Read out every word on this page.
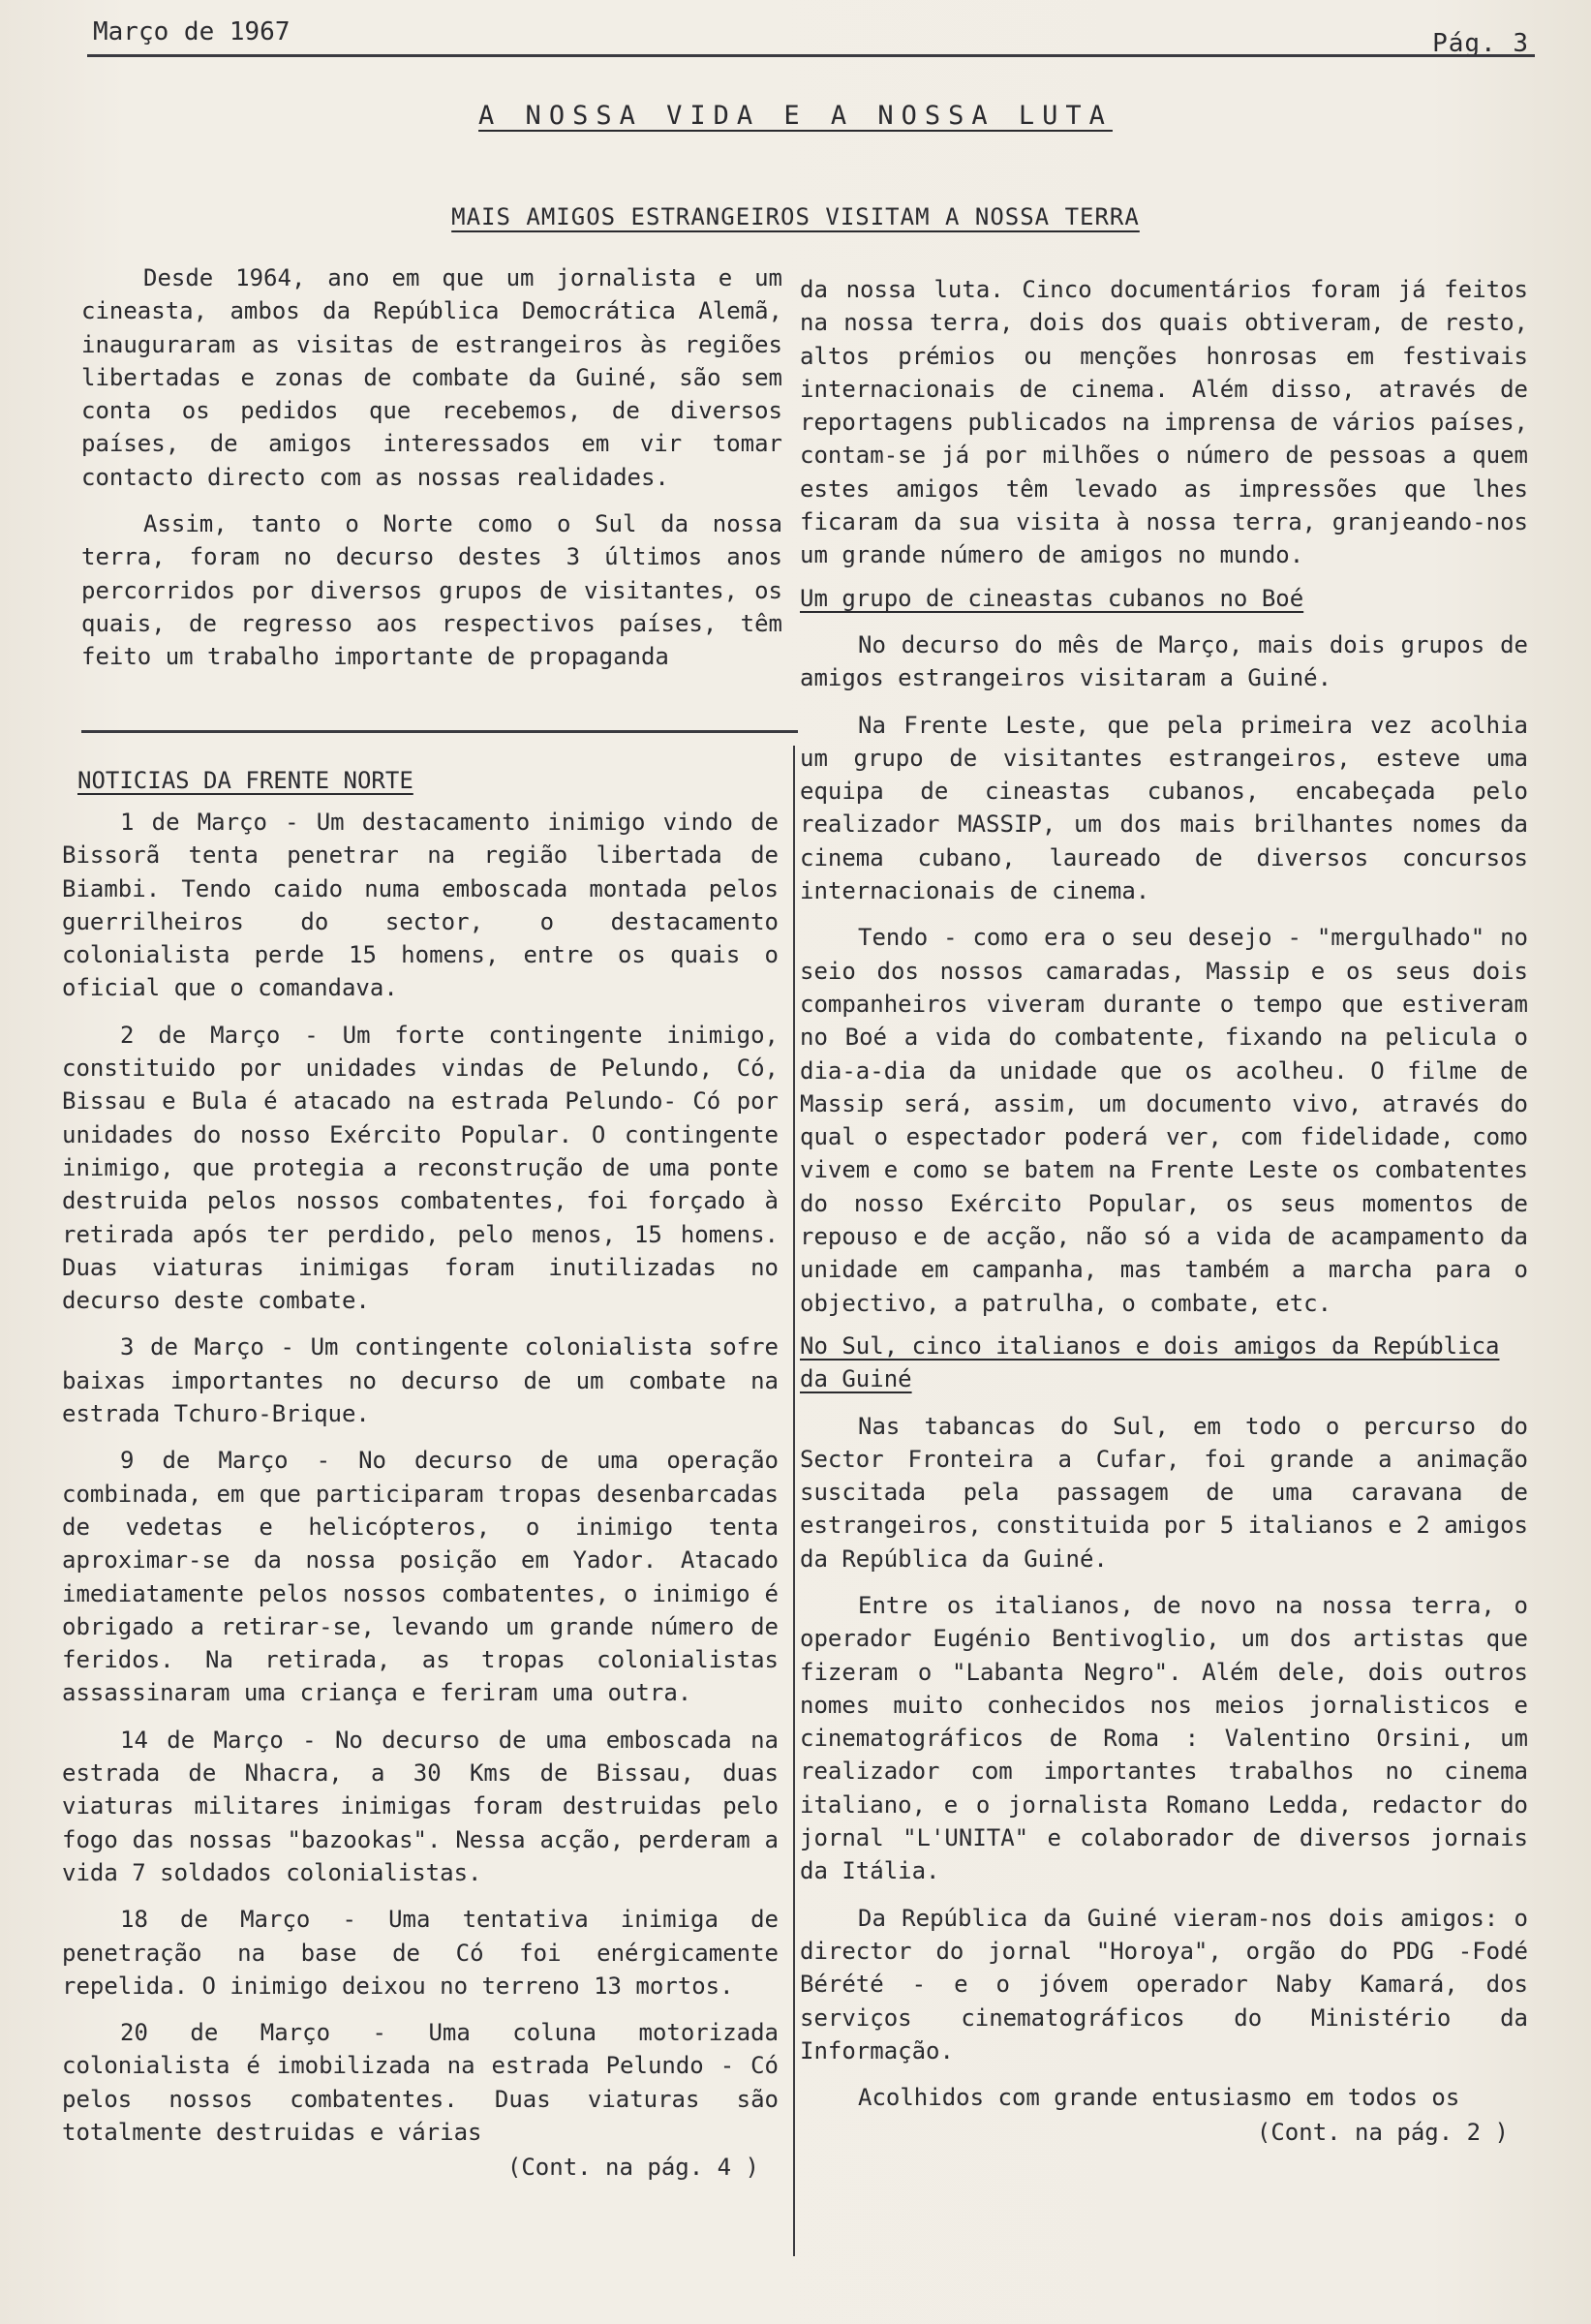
Março de 1967	Pág. 3
A NOSSA VIDA E A NOSSA LUTA
MAIS AMIGOS ESTRANGEIROS VISITAM A NOSSA TERRA

Desde 1964, ano em que um jornalista e um cineasta, ambos da República Democrática Alemã, inauguraram as visitas de estrangeiros às regiões libertadas e zonas de combate da Guiné, são sem conta os pedidos que recebemos, de diversos países, de amigos interessados em vir tomar contacto directo com as nossas realidades.

Assim, tanto o Norte como o Sul da nossa terra, foram no decurso destes 3 últimos anos percorridos por diversos grupos de visitantes, os quais, de regresso aos respectivos países, têm feito um trabalho importante de propaganda

NOTICIAS DA FRENTE NORTE

1 de Março - Um destacamento inimigo vindo de Bissorã tenta penetrar na região libertada de Biambi. Tendo caido numa emboscada montada pelos guerrilheiros do sector, o destacamento colonialista perde 15 homens, entre os quais o oficial que o comandava.

2 de Março - Um forte contingente inimigo, constituido por unidades vindas de Pelundo, Có, Bissau e Bula é atacado na estrada Pelundo- Có por unidades do nosso Exército Popular. O contingente inimigo, que protegia a reconstrução de uma ponte destruida pelos nossos combatentes, foi forçado à retirada após ter perdido, pelo menos, 15 homens. Duas viaturas inimigas foram inutilizadas no decurso deste combate.

3 de Março - Um contingente colonialista sofre baixas importantes no decurso de um combate na estrada Tchuro-Brique.

9 de Março - No decurso de uma operação combinada, em que participaram tropas desenbarcadas de vedetas e helicópteros, o inimigo tenta aproximar-se da nossa posição em Yador. Atacado imediatamente pelos nossos combatentes, o inimigo é obrigado a retirar-se, levando um grande número de feridos. Na retirada, as tropas colonialistas assassinaram uma criança e feriram uma outra.

14 de Março - No decurso de uma emboscada na estrada de Nhacra, a 30 Kms de Bissau, duas viaturas militares inimigas foram destruidas pelo fogo das nossas "bazookas". Nessa acção, perderam a vida 7 soldados colonialistas.

18 de Março - Uma tentativa inimiga de penetração na base de Có foi enérgicamente repelida. O inimigo deixou no terreno 13 mortos.

20 de Março - Uma coluna motorizada colonialista é imobilizada na estrada Pelundo - Có pelos nossos combatentes. Duas viaturas são totalmente destruidas e várias

(Cont. na pág. 4 )

da nossa luta. Cinco documentários foram já feitos na nossa terra, dois dos quais obtiveram, de resto, altos prémios ou menções honrosas em festivais internacionais de cinema. Além disso, através de reportagens publicados na imprensa de vários países, contam-se já por milhões o número de pessoas a quem estes amigos têm levado as impressões que lhes ficaram da sua visita à nossa terra, granjeando-nos um grande número de amigos no mundo.

Um grupo de cineastas cubanos no Boé

No decurso do mês de Março, mais dois grupos de amigos estrangeiros visitaram a Guiné.

Na Frente Leste, que pela primeira vez acolhia um grupo de visitantes estrangeiros, esteve uma equipa de cineastas cubanos, encabeçada pelo realizador MASSIP, um dos mais brilhantes nomes da cinema cubano, laureado de diversos concursos internacionais de cinema.

Tendo - como era o seu desejo - "mergulhado" no seio dos nossos camaradas, Massip e os seus dois companheiros viveram durante o tempo que estiveram no Boé a vida do combatente, fixando na pelicula o dia-a-dia da unidade que os acolheu. O filme de Massip será, assim, um documento vivo, através do qual o espectador poderá ver, com fidelidade, como vivem e como se batem na Frente Leste os combatentes do nosso Exército Popular, os seus momentos de repouso e de acção, não só a vida de acampamento da unidade em campanha, mas também a marcha para o objectivo, a patrulha, o combate, etc.

No Sul, cinco italianos e dois amigos da República da Guiné

Nas tabancas do Sul, em todo o percurso do Sector Fronteira a Cufar, foi grande a animação suscitada pela passagem de uma caravana de estrangeiros, constituida por 5 italianos e 2 amigos da República da Guiné.

Entre os italianos, de novo na nossa terra, o operador Eugénio Bentivoglio, um dos artistas que fizeram o "Labanta Negro". Além dele, dois outros nomes muito conhecidos nos meios jornalisticos e cinematográficos de Roma : Valentino Orsini, um realizador com importantes trabalhos no cinema italiano, e o jornalista Romano Ledda, redactor do jornal "L'UNITA" e colaborador de diversos jornais da Itália.

Da República da Guiné vieram-nos dois amigos: o director do jornal "Horoya", orgão do PDG -Fodé Bérété - e o jóvem operador Naby Kamará, dos serviços cinematográficos do Ministério da Informação.

Acolhidos com grande entusiasmo em todos os

(Cont. na pág. 2 )
